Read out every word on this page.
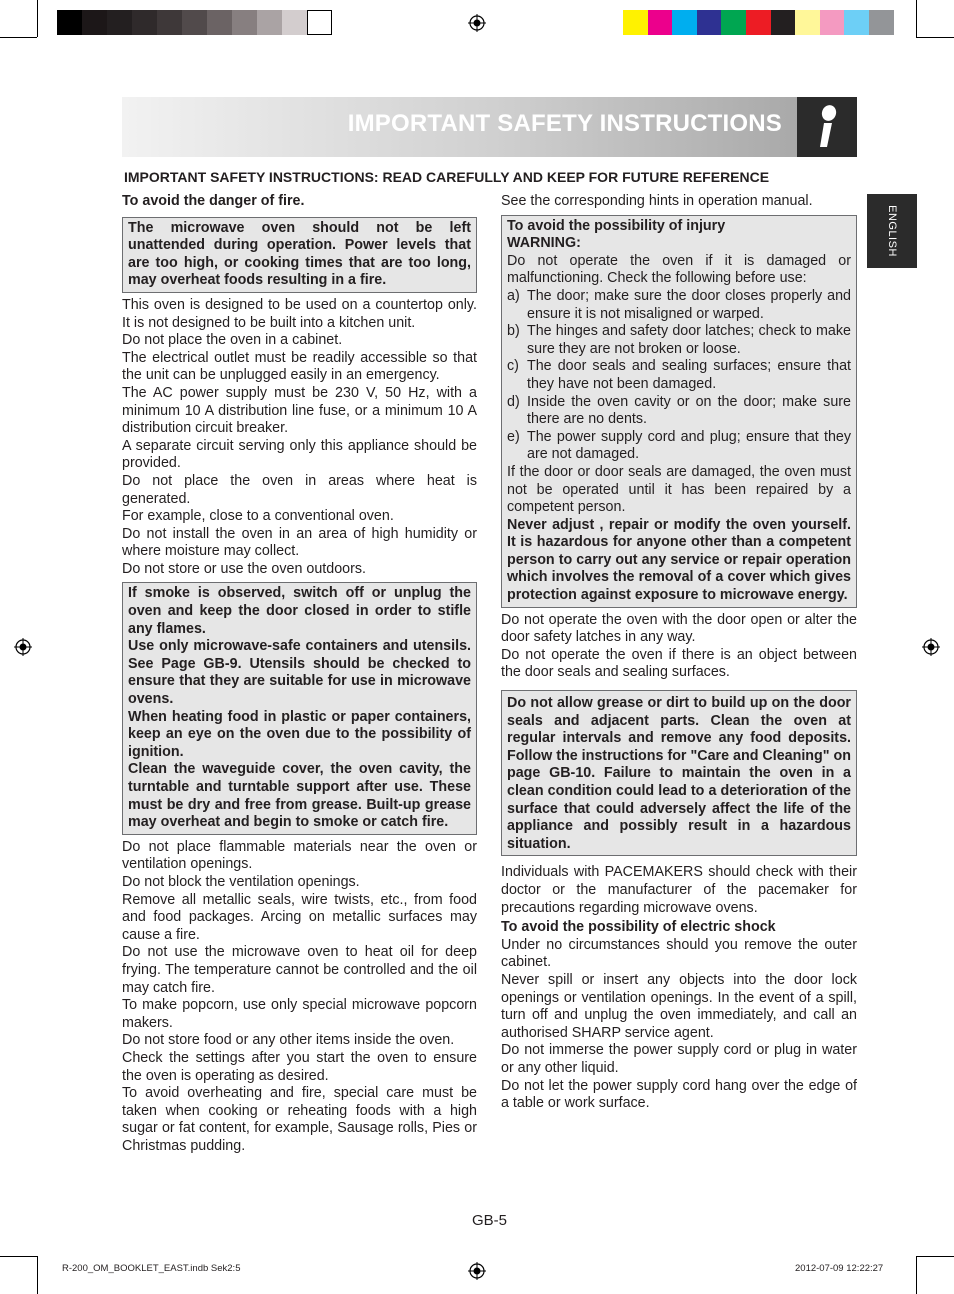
IMPORTANT SAFETY INSTRUCTIONS
ENGLISH
IMPORTANT SAFETY INSTRUCTIONS: READ CAREFULLY AND KEEP FOR FUTURE REFERENCE

To avoid the danger of fire.

The microwave oven should not be left unattended during operation. Power levels that are too high, or cooking times that are too long, may overheat foods resulting in a fire.

This oven is designed to be used on a countertop only. It is not designed to be built into a kitchen unit.

Do not place the oven in a cabinet.

The electrical outlet must be readily accessible so that the unit can be unplugged easily in an emergency.

The AC power supply must be 230 V, 50 Hz, with a minimum 10 A distribution line fuse, or a minimum 10 A distribution circuit breaker.

A separate circuit serving only this appliance should be provided.

Do not place the oven in areas where heat is generated.

For example, close to a conventional oven.

Do not install the oven in an area of high humidity or where moisture may collect.

Do not store or use the oven outdoors.

If smoke is observed, switch off or unplug the oven and keep the door closed in order to stifle any flames.

Use only microwave-safe containers and utensils. See Page GB-9. Utensils should be checked to ensure that they are suitable for use in microwave ovens.

When heating food in plastic or paper containers, keep an eye on the oven due to the possibility of ignition.

Clean the waveguide cover, the oven cavity, the turntable and turntable support after use. These must be dry and free from grease. Built-up grease may overheat and begin to smoke or catch fire.

Do not place flammable materials near the oven or ventilation openings.

Do not block the ventilation openings.

Remove all metallic seals, wire twists, etc., from food and food packages. Arcing on metallic surfaces may cause a fire.

Do not use the microwave oven to heat oil for deep frying. The temperature cannot be controlled and the oil may catch fire.

To make popcorn, use only special microwave popcorn makers.

Do not store food or any other items inside the oven.

Check the settings after you start the oven to ensure the oven is operating as desired.

To avoid overheating and fire, special care must be taken when cooking or reheating foods with a high sugar or fat content, for example, Sausage rolls, Pies or Christmas pudding.

See the corresponding hints in operation manual.

To avoid the possibility of injury

WARNING:

Do not operate the oven if it is damaged or malfunctioning. Check the following before use:

a) The door; make sure the door closes properly and ensure it is not misaligned or warped.
b) The hinges and safety door latches; check to make sure they are not broken or loose.
c) The door seals and sealing surfaces; ensure that they have not been damaged.
d) Inside the oven cavity or on the door; make sure there are no dents.
e) The power supply cord and plug; ensure that they are not damaged.

If the door or door seals are damaged, the oven must not be operated until it has been repaired by a competent person.

Never adjust , repair or modify the oven yourself. It is hazardous for anyone other than a competent person to carry out any service or repair operation which involves the removal of a cover which gives protection against exposure to microwave energy.

Do not operate the oven with the door open or alter the door safety latches in any way.

Do not operate the oven if there is an object between the door seals and sealing surfaces.

Do not allow grease or dirt to build up on the door seals and adjacent parts. Clean the oven at regular intervals and remove any food deposits. Follow the instructions for "Care and Cleaning" on page GB-10. Failure to maintain the oven in a clean condition could lead to a deterioration of the surface that could adversely affect the life of the appliance and possibly result in a hazardous situation.

Individuals with PACEMAKERS should check with their doctor or the manufacturer of the pacemaker for precautions regarding microwave ovens.

To avoid the possibility of electric shock

Under no circumstances should you remove the outer cabinet.

Never spill or insert any objects into the door lock openings or ventilation openings. In the event of a spill, turn off and unplug the oven immediately, and call an authorised SHARP service agent.

Do not immerse the power supply cord or plug in water or any other liquid.

Do not let the power supply cord hang over the edge of a table or work surface.

GB-5
R-200_OM_BOOKLET_EAST.indb Sek2:5	2012-07-09 12:22:27
